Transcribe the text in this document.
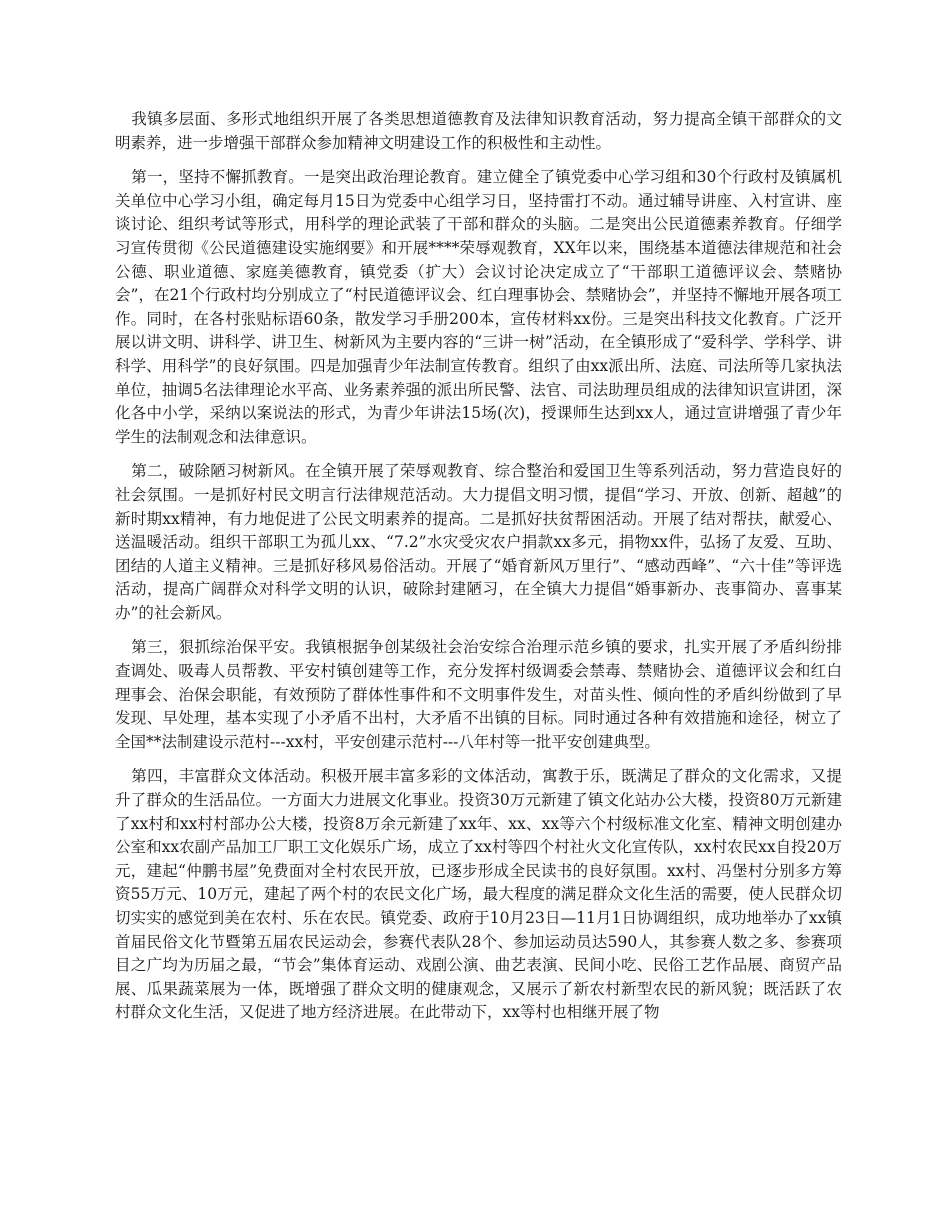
我镇多层面、多形式地组织开展了各类思想道德教育及法律知识教育活动，努力提高全镇干部群众的文明素养，进一步增强干部群众参加精神文明建设工作的积极性和主动性。

第一，坚持不懈抓教育。一是突出政治理论教育。建立健全了镇党委中心学习组和30个行政村及镇属机关单位中心学习小组，确定每月15日为党委中心组学习日，坚持雷打不动。通过辅导讲座、入村宣讲、座谈讨论、组织考试等形式，用科学的理论武装了干部和群众的头脑。二是突出公民道德素养教育。仔细学习宣传贯彻《公民道德建设实施纲要》和开展****荣辱观教育，XX年以来，围绕基本道德法律规范和社会公德、职业道德、家庭美德教育，镇党委（扩大）会议讨论决定成立了“干部职工道德评议会、禁赌协会”，在21个行政村均分别成立了“村民道德评议会、红白理事协会、禁赌协会”，并坚持不懈地开展各项工作。同时，在各村张贴标语60条，散发学习手册200本，宣传材料xx份。三是突出科技文化教育。广泛开展以讲文明、讲科学、讲卫生、树新风为主要内容的“三讲一树”活动，在全镇形成了“爱科学、学科学、讲科学、用科学”的良好氛围。四是加强青少年法制宣传教育。组织了由xx派出所、法庭、司法所等几家执法单位，抽调5名法律理论水平高、业务素养强的派出所民警、法官、司法助理员组成的法律知识宣讲团，深化各中小学，采纳以案说法的形式，为青少年讲法15场(次)，授课师生达到xx人，通过宣讲增强了青少年学生的法制观念和法律意识。

第二，破除陋习树新风。在全镇开展了荣辱观教育、综合整治和爱国卫生等系列活动，努力营造良好的社会氛围。一是抓好村民文明言行法律规范活动。大力提倡文明习惯，提倡“学习、开放、创新、超越”的新时期xx精神，有力地促进了公民文明素养的提高。二是抓好扶贫帮困活动。开展了结对帮扶，献爱心、送温暖活动。组织干部职工为孤儿xx、“7.2”水灾受灾农户捐款xx多元，捐物xx件，弘扬了友爱、互助、团结的人道主义精神。三是抓好移风易俗活动。开展了“婚育新风万里行”、“感动西峰”、“六十佳”等评选活动，提高广阔群众对科学文明的认识，破除封建陋习，在全镇大力提倡“婚事新办、丧事简办、喜事某办”的社会新风。

第三，狠抓综治保平安。我镇根据争创某级社会治安综合治理示范乡镇的要求，扎实开展了矛盾纠纷排查调处、吸毒人员帮教、平安村镇创建等工作，充分发挥村级调委会禁毒、禁赌协会、道德评议会和红白理事会、治保会职能，有效预防了群体性事件和不文明事件发生，对苗头性、倾向性的矛盾纠纷做到了早发现、早处理，基本实现了小矛盾不出村，大矛盾不出镇的目标。同时通过各种有效措施和途径，树立了全国**法制建设示范村---xx村，平安创建示范村---八年村等一批平安创建典型。

第四，丰富群众文体活动。积极开展丰富多彩的文体活动，寓教于乐，既满足了群众的文化需求，又提升了群众的生活品位。一方面大力进展文化事业。投资30万元新建了镇文化站办公大楼，投资80万元新建了xx村和xx村村部办公大楼，投资8万余元新建了xx年、xx、xx等六个村级标准文化室、精神文明创建办公室和xx农副产品加工厂职工文化娱乐广场，成立了xx村等四个村社火文化宣传队，xx村农民xx自投20万元，建起“仲鹏书屋”免费面对全村农民开放，已逐步形成全民读书的良好氛围。xx村、冯堡村分别多方筹资55万元、10万元，建起了两个村的农民文化广场，最大程度的满足群众文化生活的需要，使人民群众切切实实的感觉到美在农村、乐在农民。镇党委、政府于10月23日—11月1日协调组织，成功地举办了xx镇首届民俗文化节暨第五届农民运动会，参赛代表队28个、参加运动员达590人，其参赛人数之多、参赛项目之广均为历届之最，“节会”集体育运动、戏剧公演、曲艺表演、民间小吃、民俗工艺作品展、商贸产品展、瓜果蔬菜展为一体，既增强了群众文明的健康观念，又展示了新农村新型农民的新风貌；既活跃了农村群众文化生活，又促进了地方经济进展。在此带动下，xx等村也相继开展了物
